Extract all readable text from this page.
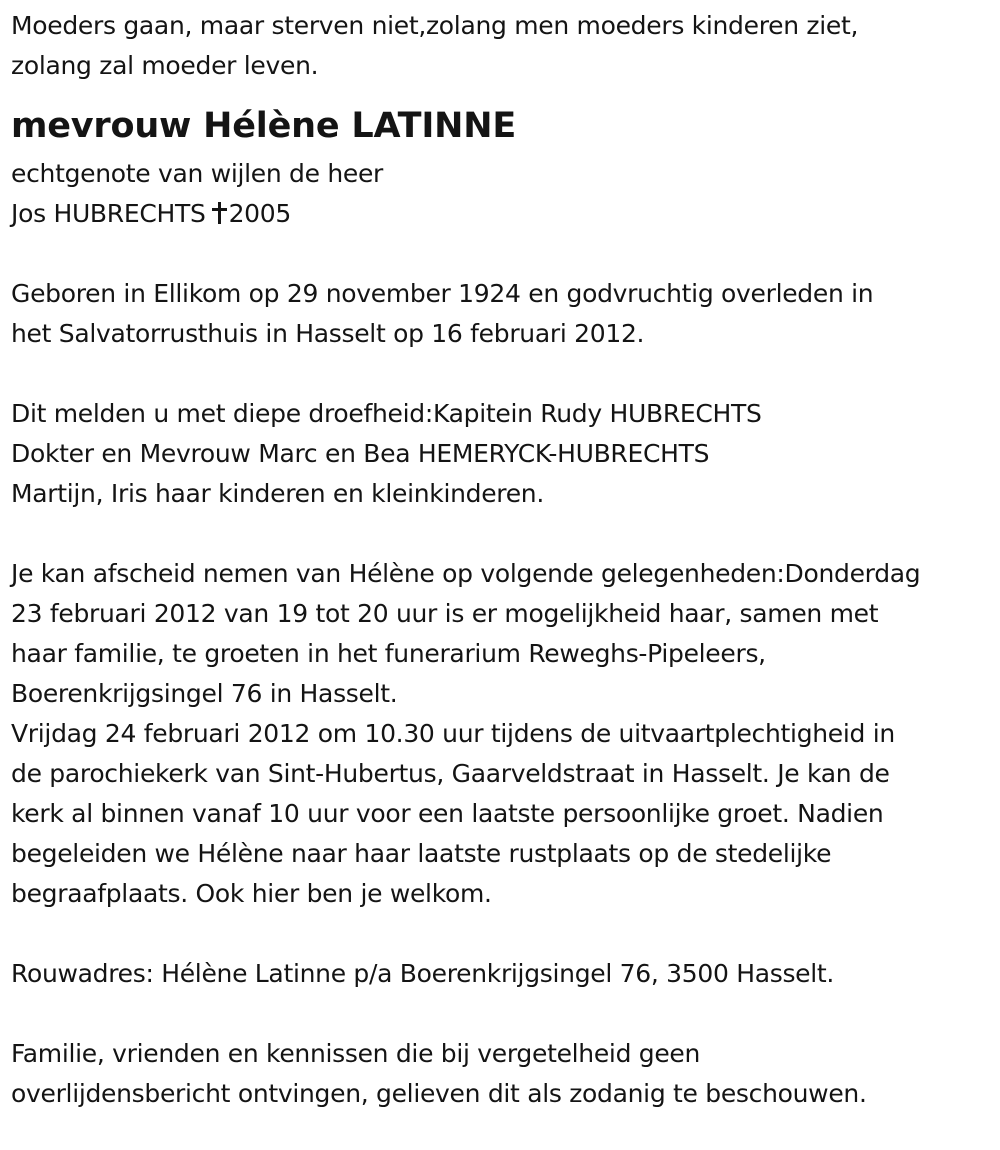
Moeders gaan, maar sterven niet,zolang men moeders kinderen ziet,
zolang zal moeder leven.
mevrouw Hélène LATINNE
echtgenote van wijlen de heer
Jos HUBRECHTS 2005
Geboren in Ellikom op 29 november 1924 en godvruchtig overleden in
het Salvatorrusthuis in Hasselt op 16 februari 2012.
Dit melden u met diepe droefheid:Kapitein Rudy HUBRECHTS
Dokter en Mevrouw Marc en Bea HEMERYCK-HUBRECHTS
Martijn, Iris haar kinderen en kleinkinderen.
Je kan afscheid nemen van Hélène op volgende gelegenheden:Donderdag
23 februari 2012 van 19 tot 20 uur is er mogelijkheid haar, samen met
haar familie, te groeten in het funerarium Reweghs-Pipeleers,
Boerenkrijgsingel 76 in Hasselt.
Vrijdag 24 februari 2012 om 10.30 uur tijdens de uitvaartplechtigheid in
de parochiekerk van Sint-Hubertus, Gaarveldstraat in Hasselt. Je kan de
kerk al binnen vanaf 10 uur voor een laatste persoonlijke groet. Nadien
begeleiden we Hélène naar haar laatste rustplaats op de stedelijke
begraafplaats. Ook hier ben je welkom.
Rouwadres: Hélène Latinne p/a Boerenkrijgsingel 76, 3500 Hasselt.
Familie, vrienden en kennissen die bij vergetelheid geen
overlijdensbericht ontvingen, gelieven dit als zodanig te beschouwen.
